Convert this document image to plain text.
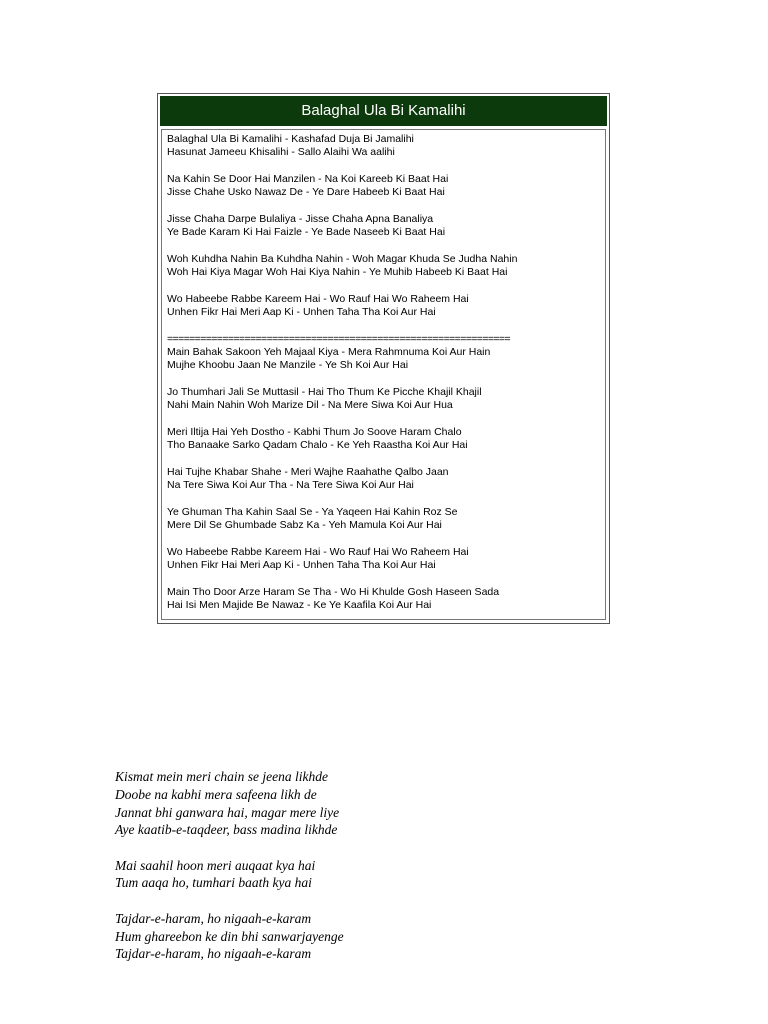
Balaghal Ula Bi Kamalihi
Balaghal Ula Bi Kamalihi - Kashafad Duja Bi Jamalihi
Hasunat Jameeu Khisalihi - Sallo Alaihi Wa aalihi
Na Kahin Se Door Hai Manzilen - Na Koi Kareeb Ki Baat Hai
Jisse Chahe Usko Nawaz De - Ye Dare Habeeb Ki Baat Hai
Jisse Chaha Darpe Bulaliya - Jisse Chaha Apna Banaliya
Ye Bade Karam Ki Hai Faizle - Ye Bade Naseeb Ki Baat Hai
Woh Kuhdha Nahin Ba Kuhdha Nahin - Woh Magar Khuda Se Judha Nahin
Woh Hai Kiya Magar Woh Hai Kiya Nahin - Ye Muhib Habeeb Ki Baat Hai
Wo Habeebe Rabbe Kareem Hai - Wo Rauf Hai Wo Raheem Hai
Unhen Fikr Hai Meri Aap Ki - Unhen Taha Tha Koi Aur Hai
==============================================================
Main Bahak Sakoon Yeh Majaal Kiya - Mera Rahmnuma Koi Aur Hain
Mujhe Khoobu Jaan Ne Manzile - Ye Sh Koi Aur Hai
Jo Thumhari Jali Se Muttasil - Hai Tho Thum Ke Picche Khajil Khajil
Nahi Main Nahin Woh Marize Dil - Na Mere Siwa Koi Aur Hua
Meri Iltija Hai Yeh Dostho - Kabhi Thum Jo Soove Haram Chalo
Tho Banaake Sarko Qadam Chalo - Ke Yeh Raastha Koi Aur Hai
Hai Tujhe Khabar Shahe - Meri Wajhe Raahathe Qalbo Jaan
Na Tere Siwa Koi Aur Tha - Na Tere Siwa Koi Aur Hai
Ye Ghuman Tha Kahin Saal Se - Ya Yaqeen Hai Kahin Roz Se
Mere Dil Se Ghumbade Sabz Ka - Yeh Mamula Koi Aur Hai
Wo Habeebe Rabbe Kareem Hai - Wo Rauf Hai Wo Raheem Hai
Unhen Fikr Hai Meri Aap Ki - Unhen Taha Tha Koi Aur Hai
Main Tho Door Arze Haram Se Tha - Wo Hi Khulde Gosh Haseen Sada
Hai Isi Men Majide Be Nawaz - Ke Ye Kaafila Koi Aur Hai
Kismat mein meri chain se jeena likhde
Doobe na kabhi mera safeena likh de
Jannat bhi ganwara hai, magar mere liye
Aye kaatib-e-taqdeer, bass madina likhde
Mai saahil hoon meri auqaat kya hai
Tum aaqa ho, tumhari baath kya hai
Tajdar-e-haram, ho nigaah-e-karam
Hum ghareebon ke din bhi sanwarjayenge
Tajdar-e-haram, ho nigaah-e-karam
